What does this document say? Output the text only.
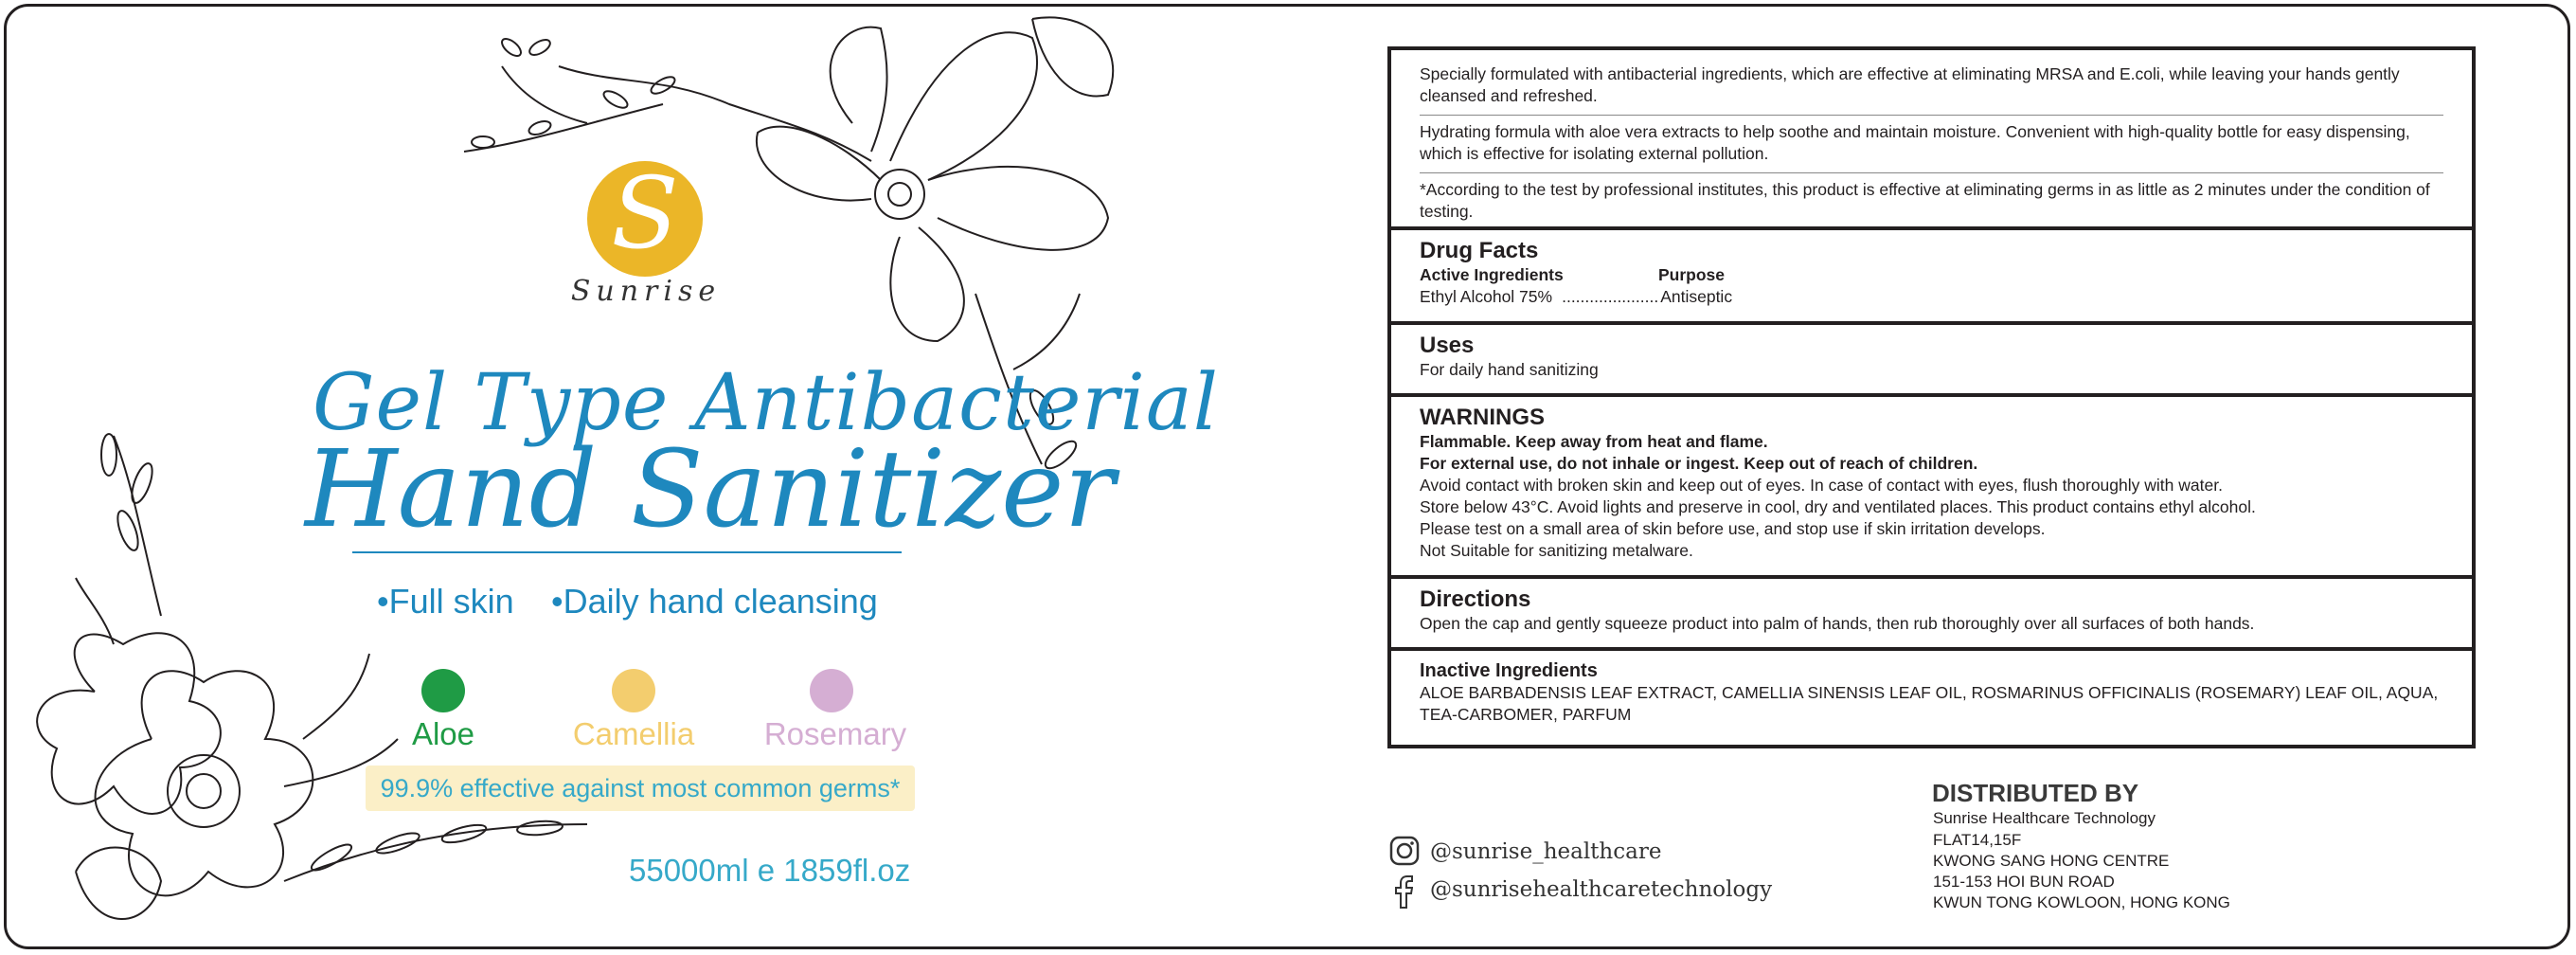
S
Sunrise
Gel Type Antibacterial
Hand Sanitizer
•Full skin •Daily hand cleansing
Aloe	Camellia	Rosemary
99.9% effective against most common germs*
55000ml e 1859fl.oz
Specially formulated with antibacterial ingredients, which are effective at eliminating MRSA and E.coli, while leaving your hands gently cleansed and refreshed.
Hydrating formula with aloe vera extracts to help soothe and maintain moisture. Convenient with high-quality bottle for easy dispensing, which is effective for isolating external pollution.
*According to the test by professional institutes, this product is effective at eliminating germs in as little as 2 minutes under the condition of testing.
Drug Facts
Active Ingredients	Purpose
Ethyl Alcohol 75% ..................... Antiseptic
Uses
For daily hand sanitizing
WARNINGS
Flammable. Keep away from heat and flame.
For external use, do not inhale or ingest. Keep out of reach of children.
Avoid contact with broken skin and keep out of eyes. In case of contact with eyes, flush thoroughly with water.
Store below 43°C. Avoid lights and preserve in cool, dry and ventilated places. This product contains ethyl alcohol.
Please test on a small area of skin before use, and stop use if skin irritation develops.
Not Suitable for sanitizing metalware.
Directions
Open the cap and gently squeeze product into palm of hands, then rub thoroughly over all surfaces of both hands.
Inactive Ingredients
ALOE BARBADENSIS LEAF EXTRACT, CAMELLIA SINENSIS LEAF OIL, ROSMARINUS OFFICINALIS (ROSEMARY) LEAF OIL, AQUA, TEA-CARBOMER, PARFUM
@sunrise_healthcare
@sunrisehealthcaretechnology
DISTRIBUTED BY
Sunrise Healthcare Technology
FLAT14,15F
KWONG SANG HONG CENTRE
151-153 HOI BUN ROAD
KWUN TONG KOWLOON, HONG KONG
